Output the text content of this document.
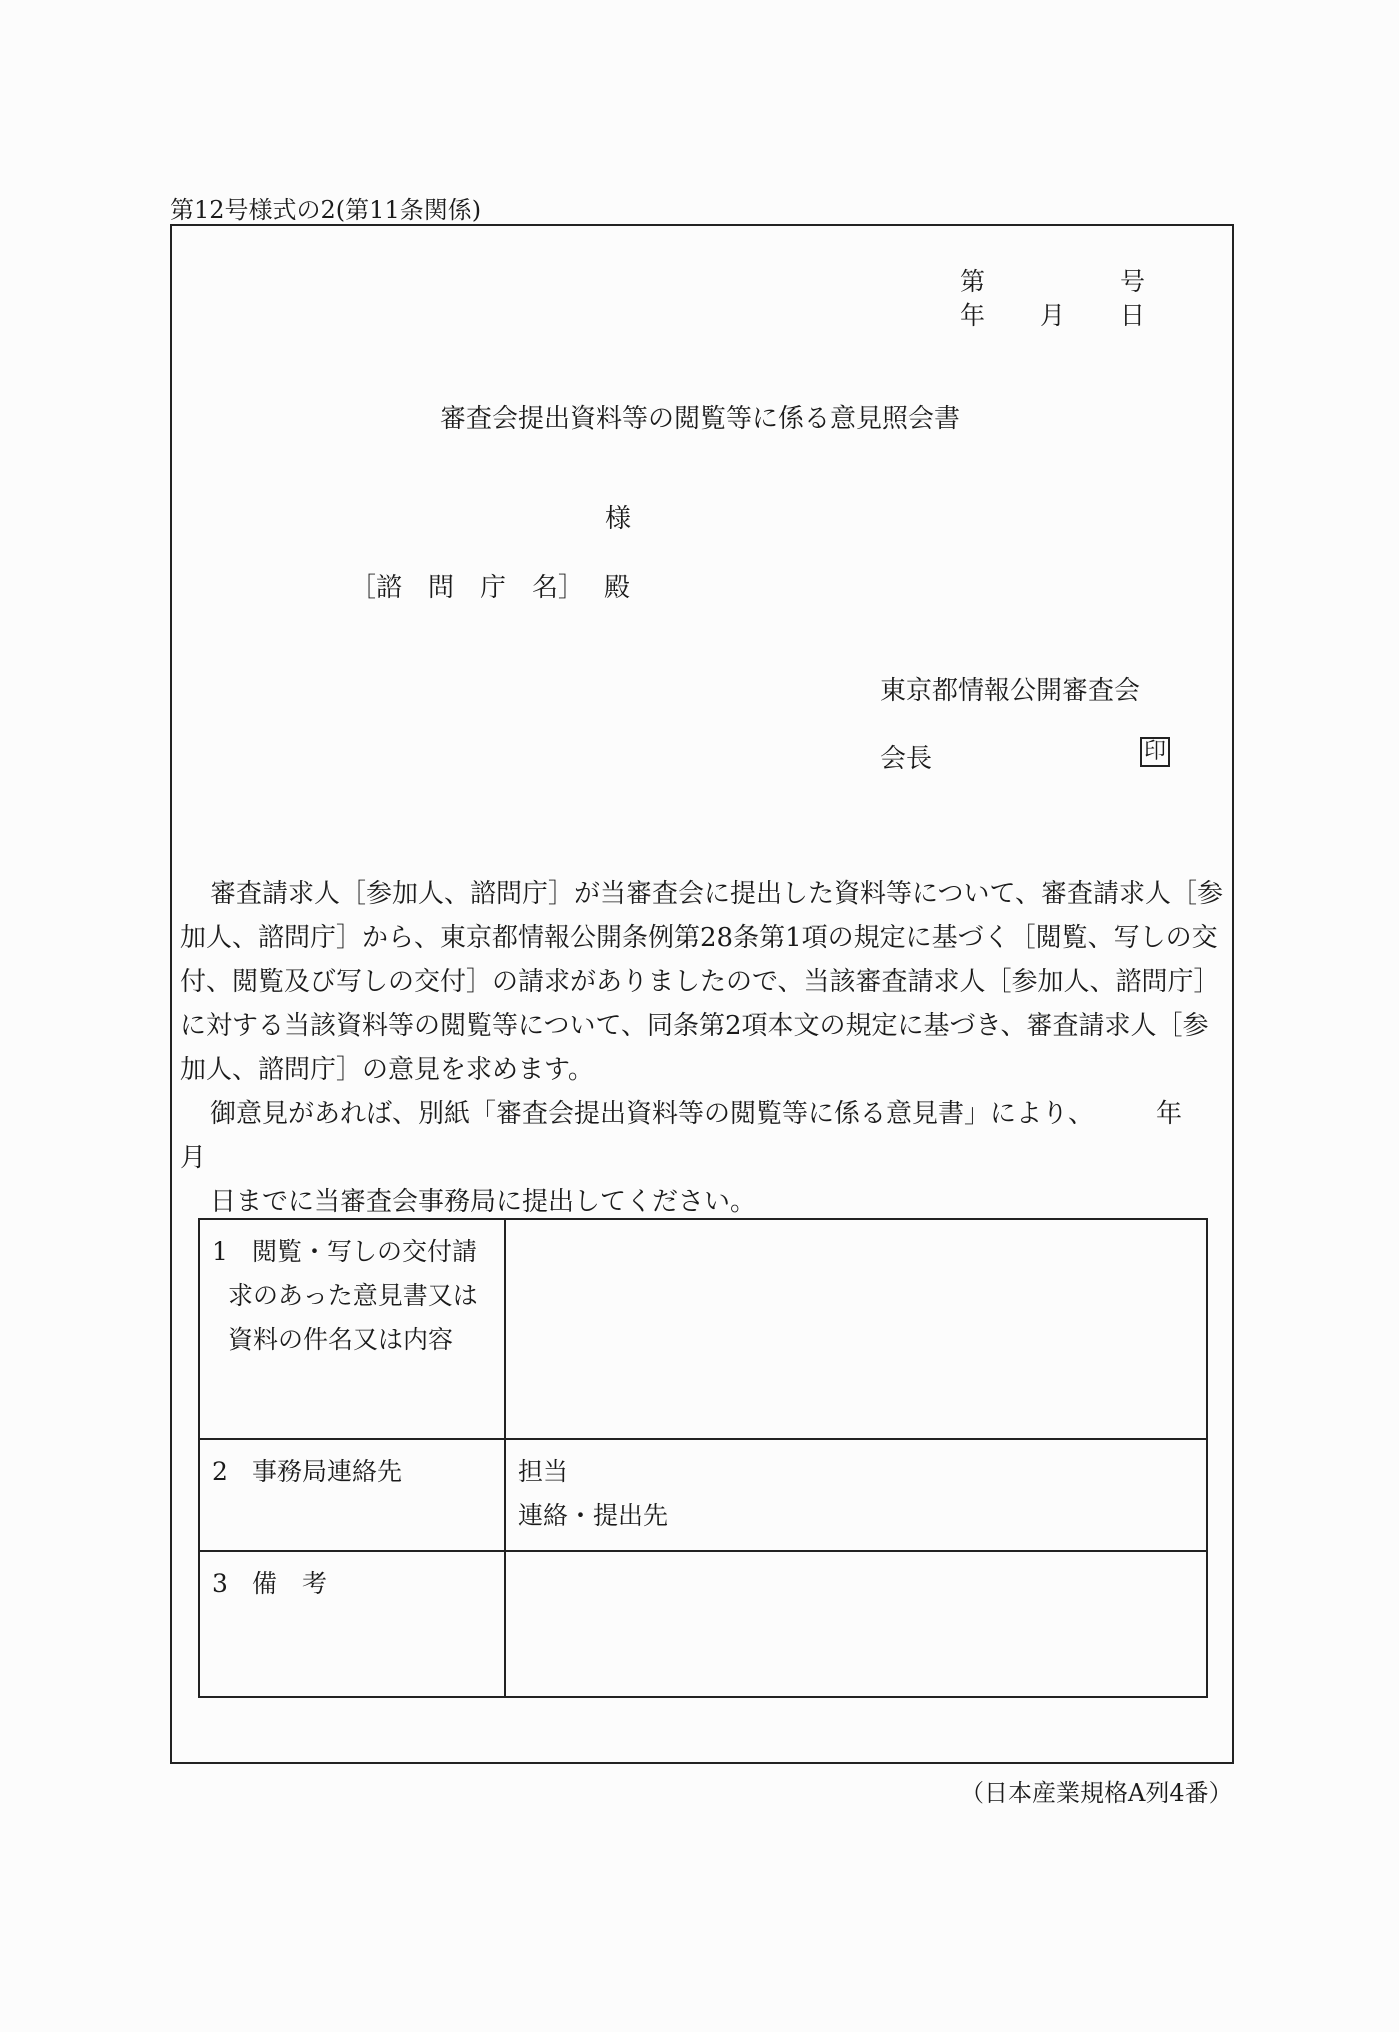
第12号様式の2(第11条関係)
第	号
年 月 日
審査会提出資料等の閲覧等に係る意見照会書
様
［諮　問　庁　名］ 殿
東京都情報公開審査会
会長	印

審査請求人［参加人、諮問庁］が当審査会に提出した資料等について、審査請求人［参

加人、諮問庁］から、東京都情報公開条例第28条第1項の規定に基づく［閲覧、写しの交

付、閲覧及び写しの交付］の請求がありましたので、当該審査請求人［参加人、諮問庁］

に対する当該資料等の閲覧等について、同条第2項本文の規定に基づき、審査請求人［参

加人、諮問庁］の意見を求めます。

御意見があれば、別紙「審査会提出資料等の閲覧等に係る意見書」により、 年月

日までに当審査会事務局に提出してください。

1 閲覧・写しの交付請
求のあった意見書又は
資料の件名又は内容	

2 事務局連絡先	担当
連絡・提出先

3 備　考	
（日本産業規格A列4番）
